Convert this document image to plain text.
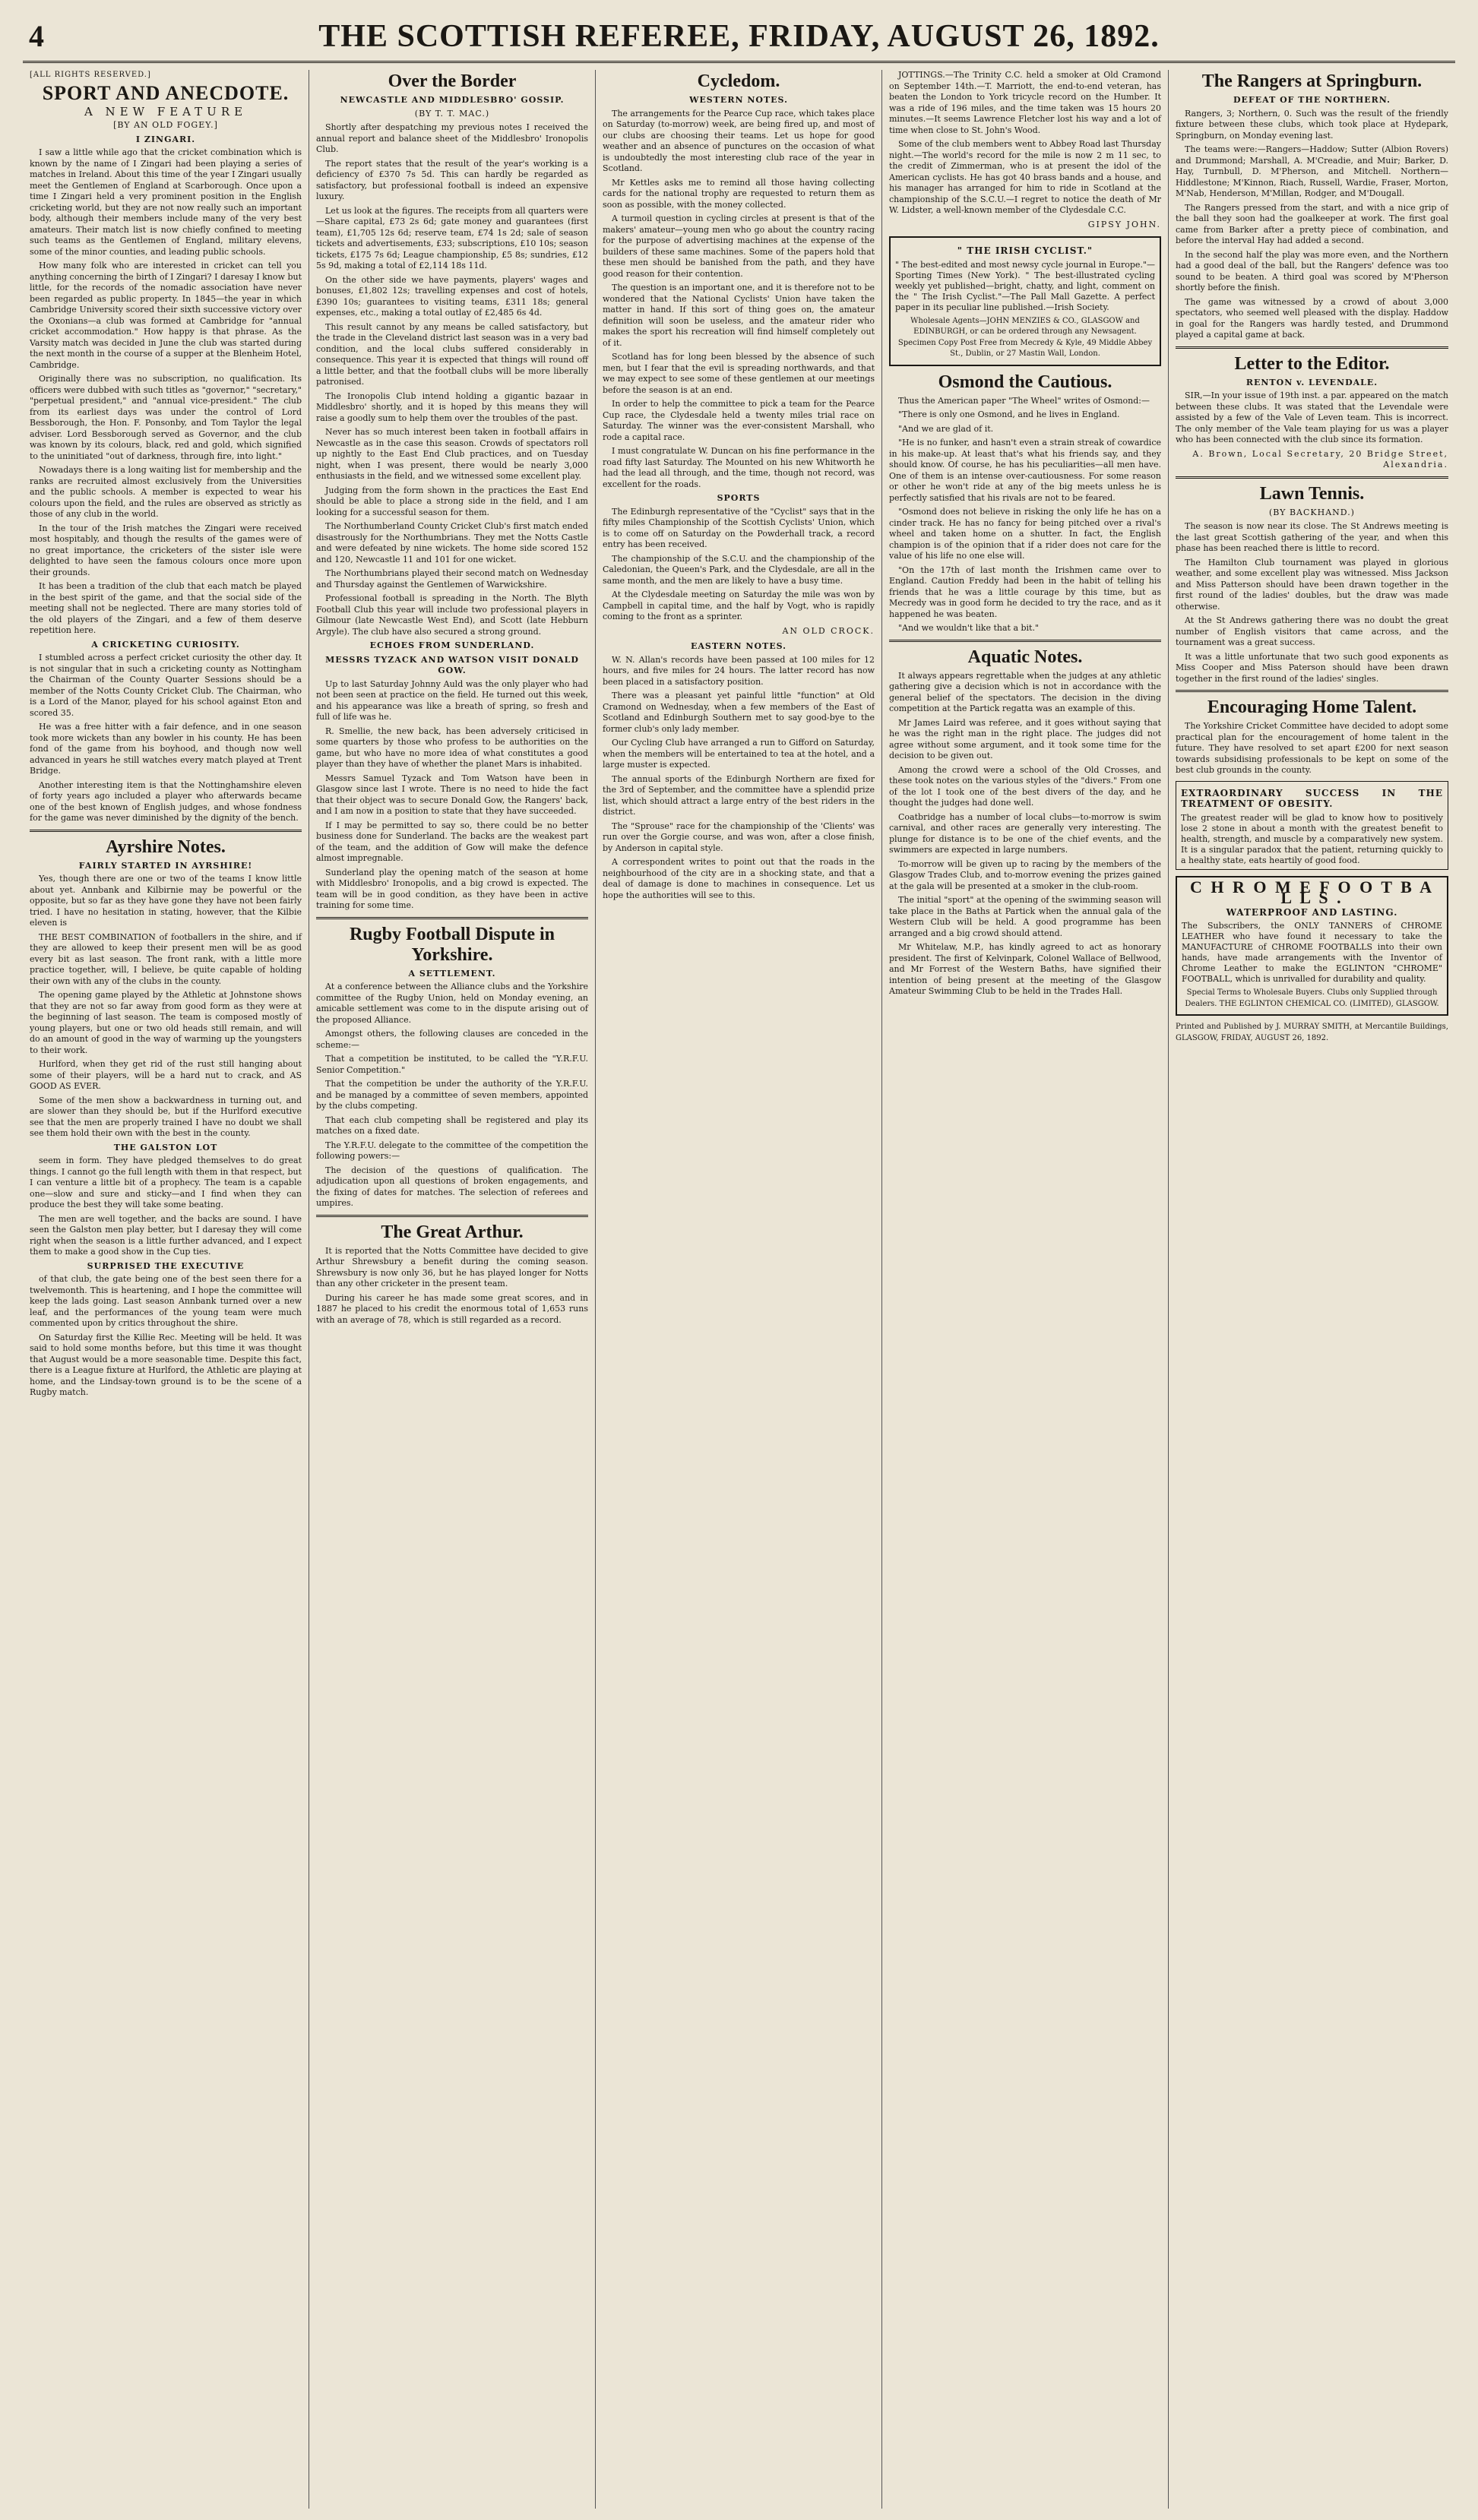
4	THE SCOTTISH REFEREE, FRIDAY, AUGUST 26, 1892.
[ALL RIGHTS RESERVED.]
SPORT AND ANECDOTE.
A NEW FEATURE
[BY AN OLD FOGEY.]
I ZINGARI.

I saw a little while ago that the cricket combination which is known by the name of I Zingari had been playing a series of matches in Ireland. About this time of the year I Zingari usually meet the Gentlemen of England at Scarborough. Once upon a time I Zingari held a very prominent position in the English cricketing world, but they are not now really such an important body, although their members include many of the very best amateurs. Their match list is now chiefly confined to meeting such teams as the Gentlemen of England, military elevens, some of the minor counties, and leading public schools.

How many folk who are interested in cricket can tell you anything concerning the birth of I Zingari? I daresay I know but little, for the records of the nomadic association have never been regarded as public property. In 1845—the year in which Cambridge University scored their sixth successive victory over the Oxonians—a club was formed at Cambridge for "annual cricket accommodation." How happy is that phrase. As the Varsity match was decided in June the club was started during the next month in the course of a supper at the Blenheim Hotel, Cambridge.

Originally there was no subscription, no qualification. Its officers were dubbed with such titles as "governor," "secretary," "perpetual president," and "annual vice-president." The club from its earliest days was under the control of Lord Bessborough, the Hon. F. Ponsonby, and Tom Taylor the legal adviser. Lord Bessborough served as Governor, and the club was known by its colours, black, red and gold, which signified to the uninitiated "out of darkness, through fire, into light."

Nowadays there is a long waiting list for membership and the ranks are recruited almost exclusively from the Universities and the public schools. A member is expected to wear his colours upon the field, and the rules are observed as strictly as those of any club in the world.

In the tour of the Irish matches the Zingari were received most hospitably, and though the results of the games were of no great importance, the cricketers of the sister isle were delighted to have seen the famous colours once more upon their grounds.

It has been a tradition of the club that each match be played in the best spirit of the game, and that the social side of the meeting shall not be neglected. There are many stories told of the old players of the Zingari, and a few of them deserve repetition here.

A CRICKETING CURIOSITY.

I stumbled across a perfect cricket curiosity the other day. It is not singular that in such a cricketing county as Nottingham the Chairman of the County Quarter Sessions should be a member of the Notts County Cricket Club. The Chairman, who is a Lord of the Manor, played for his school against Eton and scored 35.

He was a free hitter with a fair defence, and in one season took more wickets than any bowler in his county. He has been fond of the game from his boyhood, and though now well advanced in years he still watches every match played at Trent Bridge.

Another interesting item is that the Nottinghamshire eleven of forty years ago included a player who afterwards became one of the best known of English judges, and whose fondness for the game was never diminished by the dignity of the bench.

Ayrshire Notes.
FAIRLY STARTED IN AYRSHIRE!

Yes, though there are one or two of the teams I know little about yet. Annbank and Kilbirnie may be powerful or the opposite, but so far as they have gone they have not been fairly tried. I have no hesitation in stating, however, that the Kilbie eleven is

THE BEST COMBINATION of footballers in the shire, and if they are allowed to keep their present men will be as good every bit as last season. The front rank, with a little more practice together, will, I believe, be quite capable of holding their own with any of the clubs in the county.

The opening game played by the Athletic at Johnstone shows that they are not so far away from good form as they were at the beginning of last season. The team is composed mostly of young players, but one or two old heads still remain, and will do an amount of good in the way of warming up the youngsters to their work.

Hurlford, when they get rid of the rust still hanging about some of their players, will be a hard nut to crack, and AS GOOD AS EVER.

Some of the men show a backwardness in turning out, and are slower than they should be, but if the Hurlford executive see that the men are properly trained I have no doubt we shall see them hold their own with the best in the county.

THE GALSTON LOT

seem in form. They have pledged themselves to do great things. I cannot go the full length with them in that respect, but I can venture a little bit of a prophecy. The team is a capable one—slow and sure and sticky—and I find when they can produce the best they will take some beating.

The men are well together, and the backs are sound. I have seen the Galston men play better, but I daresay they will come right when the season is a little further advanced, and I expect them to make a good show in the Cup ties.

SURPRISED THE EXECUTIVE

of that club, the gate being one of the best seen there for a twelvemonth. This is heartening, and I hope the committee will keep the lads going. Last season Annbank turned over a new leaf, and the performances of the young team were much commented upon by critics throughout the shire.

On Saturday first the Killie Rec. Meeting will be held. It was said to hold some months before, but this time it was thought that August would be a more seasonable time. Despite this fact, there is a League fixture at Hurlford, the Athletic are playing at home, and the Lindsay-town ground is to be the scene of a Rugby match.

Over the Border
NEWCASTLE AND MIDDLESBRO' GOSSIP.
(BY T. T. MAC.)

Shortly after despatching my previous notes I received the annual report and balance sheet of the Middlesbro' Ironopolis Club.

The report states that the result of the year's working is a deficiency of £370 7s 5d. This can hardly be regarded as satisfactory, but professional football is indeed an expensive luxury.

Let us look at the figures. The receipts from all quarters were—Share capital, £73 2s 6d; gate money and guarantees (first team), £1,705 12s 6d; reserve team, £74 1s 2d; sale of season tickets and advertisements, £33; subscriptions, £10 10s; season tickets, £175 7s 6d; League championship, £5 8s; sundries, £12 5s 9d, making a total of £2,114 18s 11d.

On the other side we have payments, players' wages and bonuses, £1,802 12s; travelling expenses and cost of hotels, £390 10s; guarantees to visiting teams, £311 18s; general expenses, etc., making a total outlay of £2,485 6s 4d.

This result cannot by any means be called satisfactory, but the trade in the Cleveland district last season was in a very bad condition, and the local clubs suffered considerably in consequence. This year it is expected that things will round off a little better, and that the football clubs will be more liberally patronised.

The Ironopolis Club intend holding a gigantic bazaar in Middlesbro' shortly, and it is hoped by this means they will raise a goodly sum to help them over the troubles of the past.

Never has so much interest been taken in football affairs in Newcastle as in the case this season. Crowds of spectators roll up nightly to the East End Club practices, and on Tuesday night, when I was present, there would be nearly 3,000 enthusiasts in the field, and we witnessed some excellent play.

Judging from the form shown in the practices the East End should be able to place a strong side in the field, and I am looking for a successful season for them.

The Northumberland County Cricket Club's first match ended disastrously for the Northumbrians. They met the Notts Castle and were defeated by nine wickets. The home side scored 152 and 120, Newcastle 11 and 101 for one wicket.

The Northumbrians played their second match on Wednesday and Thursday against the Gentlemen of Warwickshire.

Professional football is spreading in the North. The Blyth Football Club this year will include two professional players in Gilmour (late Newcastle West End), and Scott (late Hebburn Argyle). The club have also secured a strong ground.

ECHOES FROM SUNDERLAND.
MESSRS TYZACK AND WATSON VISIT DONALD GOW.

Up to last Saturday Johnny Auld was the only player who had not been seen at practice on the field. He turned out this week, and his appearance was like a breath of spring, so fresh and full of life was he.

R. Smellie, the new back, has been adversely criticised in some quarters by those who profess to be authorities on the game, but who have no more idea of what constitutes a good player than they have of whether the planet Mars is inhabited.

Messrs Samuel Tyzack and Tom Watson have been in Glasgow since last I wrote. There is no need to hide the fact that their object was to secure Donald Gow, the Rangers' back, and I am now in a position to state that they have succeeded.

If I may be permitted to say so, there could be no better business done for Sunderland. The backs are the weakest part of the team, and the addition of Gow will make the defence almost impregnable.

Sunderland play the opening match of the season at home with Middlesbro' Ironopolis, and a big crowd is expected. The team will be in good condition, as they have been in active training for some time.

Rugby Football Dispute in Yorkshire.
A SETTLEMENT.

At a conference between the Alliance clubs and the Yorkshire committee of the Rugby Union, held on Monday evening, an amicable settlement was come to in the dispute arising out of the proposed Alliance.

Amongst others, the following clauses are conceded in the scheme:—

That a competition be instituted, to be called the "Y.R.F.U. Senior Competition."

That the competition be under the authority of the Y.R.F.U. and be managed by a committee of seven members, appointed by the clubs competing.

That each club competing shall be registered and play its matches on a fixed date.

The Y.R.F.U. delegate to the committee of the competition the following powers:—

The decision of the questions of qualification. The adjudication upon all questions of broken engagements, and the fixing of dates for matches. The selection of referees and umpires.

The Great Arthur.

It is reported that the Notts Committee have decided to give Arthur Shrewsbury a benefit during the coming season. Shrewsbury is now only 36, but he has played longer for Notts than any other cricketer in the present team.

During his career he has made some great scores, and in 1887 he placed to his credit the enormous total of 1,653 runs with an average of 78, which is still regarded as a record.

Cycledom.
WESTERN NOTES.

The arrangements for the Pearce Cup race, which takes place on Saturday (to-morrow) week, are being fired up, and most of our clubs are choosing their teams. Let us hope for good weather and an absence of punctures on the occasion of what is undoubtedly the most interesting club race of the year in Scotland.

Mr Kettles asks me to remind all those having collecting cards for the national trophy are requested to return them as soon as possible, with the money collected.

A turmoil question in cycling circles at present is that of the makers' amateur—young men who go about the country racing for the purpose of advertising machines at the expense of the builders of these same machines. Some of the papers hold that these men should be banished from the path, and they have good reason for their contention.

The question is an important one, and it is therefore not to be wondered that the National Cyclists' Union have taken the matter in hand. If this sort of thing goes on, the amateur definition will soon be useless, and the amateur rider who makes the sport his recreation will find himself completely out of it.

Scotland has for long been blessed by the absence of such men, but I fear that the evil is spreading northwards, and that we may expect to see some of these gentlemen at our meetings before the season is at an end.

In order to help the committee to pick a team for the Pearce Cup race, the Clydesdale held a twenty miles trial race on Saturday. The winner was the ever-consistent Marshall, who rode a capital race.

I must congratulate W. Duncan on his fine performance in the road fifty last Saturday. The Mounted on his new Whitworth he had the lead all through, and the time, though not record, was excellent for the roads.

SPORTS

The Edinburgh representative of the "Cyclist" says that in the fifty miles Championship of the Scottish Cyclists' Union, which is to come off on Saturday on the Powderhall track, a record entry has been received.

The championship of the S.C.U. and the championship of the Caledonian, the Queen's Park, and the Clydesdale, are all in the same month, and the men are likely to have a busy time.

At the Clydesdale meeting on Saturday the mile was won by Campbell in capital time, and the half by Vogt, who is rapidly coming to the front as a sprinter.

AN OLD CROCK.
EASTERN NOTES.

W. N. Allan's records have been passed at 100 miles for 12 hours, and five miles for 24 hours. The latter record has now been placed in a satisfactory position.

There was a pleasant yet painful little "function" at Old Cramond on Wednesday, when a few members of the East of Scotland and Edinburgh Southern met to say good-bye to the former club's only lady member.

Our Cycling Club have arranged a run to Gifford on Saturday, when the members will be entertained to tea at the hotel, and a large muster is expected.

The annual sports of the Edinburgh Northern are fixed for the 3rd of September, and the committee have a splendid prize list, which should attract a large entry of the best riders in the district.

The "Sprouse" race for the championship of the 'Clients' was run over the Gorgie course, and was won, after a close finish, by Anderson in capital style.

A correspondent writes to point out that the roads in the neighbourhood of the city are in a shocking state, and that a deal of damage is done to machines in consequence. Let us hope the authorities will see to this.

JOTTINGS.—The Trinity C.C. held a smoker at Old Cramond on September 14th.—T. Marriott, the end-to-end veteran, has beaten the London to York tricycle record on the Humber. It was a ride of 196 miles, and the time taken was 15 hours 20 minutes.—It seems Lawrence Fletcher lost his way and a lot of time when close to St. John's Wood.

Some of the club members went to Abbey Road last Thursday night.—The world's record for the mile is now 2 m 11 sec, to the credit of Zimmerman, who is at present the idol of the American cyclists. He has got 40 brass bands and a house, and his manager has arranged for him to ride in Scotland at the championship of the S.C.U.—I regret to notice the death of Mr W. Lidster, a well-known member of the Clydesdale C.C.

GIPSY JOHN.
" THE IRISH CYCLIST."
" The best-edited and most newsy cycle journal in Europe."—Sporting Times (New York). " The best-illustrated cycling weekly yet published—bright, chatty, and light, comment on the " The Irish Cyclist."—The Pall Mall Gazette. A perfect paper in its peculiar line published.—Irish Society.
Wholesale Agents—JOHN MENZIES & CO., GLASGOW and EDINBURGH, or can be ordered through any Newsagent. Specimen Copy Post Free from Mecredy & Kyle, 49 Middle Abbey St., Dublin, or 27 Mastin Wall, London.
Osmond the Cautious.

Thus the American paper "The Wheel" writes of Osmond:—

"There is only one Osmond, and he lives in England.

"And we are glad of it.

"He is no funker, and hasn't even a strain streak of cowardice in his make-up. At least that's what his friends say, and they should know. Of course, he has his peculiarities—all men have. One of them is an intense over-cautiousness. For some reason or other he won't ride at any of the big meets unless he is perfectly satisfied that his rivals are not to be feared.

"Osmond does not believe in risking the only life he has on a cinder track. He has no fancy for being pitched over a rival's wheel and taken home on a shutter. In fact, the English champion is of the opinion that if a rider does not care for the value of his life no one else will.

"On the 17th of last month the Irishmen came over to England. Caution Freddy had been in the habit of telling his friends that he was a little courage by this time, but as Mecredy was in good form he decided to try the race, and as it happened he was beaten.

"And we wouldn't like that a bit."

Aquatic Notes.

It always appears regrettable when the judges at any athletic gathering give a decision which is not in accordance with the general belief of the spectators. The decision in the diving competition at the Partick regatta was an example of this.

Mr James Laird was referee, and it goes without saying that he was the right man in the right place. The judges did not agree without some argument, and it took some time for the decision to be given out.

Among the crowd were a school of the Old Crosses, and these took notes on the various styles of the "divers." From one of the lot I took one of the best divers of the day, and he thought the judges had done well.

Coatbridge has a number of local clubs—to-morrow is swim carnival, and other races are generally very interesting. The plunge for distance is to be one of the chief events, and the swimmers are expected in large numbers.

To-morrow will be given up to racing by the members of the Glasgow Trades Club, and to-morrow evening the prizes gained at the gala will be presented at a smoker in the club-room.

The initial "sport" at the opening of the swimming season will take place in the Baths at Partick when the annual gala of the Western Club will be held. A good programme has been arranged and a big crowd should attend.

Mr Whitelaw, M.P., has kindly agreed to act as honorary president. The first of Kelvinpark, Colonel Wallace of Bellwood, and Mr Forrest of the Western Baths, have signified their intention of being present at the meeting of the Glasgow Amateur Swimming Club to be held in the Trades Hall.

The Rangers at Springburn.
DEFEAT OF THE NORTHERN.

Rangers, 3; Northern, 0. Such was the result of the friendly fixture between these clubs, which took place at Hydepark, Springburn, on Monday evening last.

The teams were:—Rangers—Haddow; Sutter (Albion Rovers) and Drummond; Marshall, A. M'Creadie, and Muir; Barker, D. Hay, Turnbull, D. M'Pherson, and Mitchell. Northern—Hiddlestone; M'Kinnon, Riach, Russell, Wardie, Fraser, Morton, M'Nab, Henderson, M'Millan, Rodger, and M'Dougall.

The Rangers pressed from the start, and with a nice grip of the ball they soon had the goalkeeper at work. The first goal came from Barker after a pretty piece of combination, and before the interval Hay had added a second.

In the second half the play was more even, and the Northern had a good deal of the ball, but the Rangers' defence was too sound to be beaten. A third goal was scored by M'Pherson shortly before the finish.

The game was witnessed by a crowd of about 3,000 spectators, who seemed well pleased with the display. Haddow in goal for the Rangers was hardly tested, and Drummond played a capital game at back.

Letter to the Editor.
RENTON v. LEVENDALE.

SIR,—In your issue of 19th inst. a par. appeared on the match between these clubs. It was stated that the Levendale were assisted by a few of the Vale of Leven team. This is incorrect. The only member of the Vale team playing for us was a player who has been connected with the club since its formation.

A. Brown, Local Secretary, 20 Bridge Street, Alexandria.
Lawn Tennis.
(BY BACKHAND.)

The season is now near its close. The St Andrews meeting is the last great Scottish gathering of the year, and when this phase has been reached there is little to record.

The Hamilton Club tournament was played in glorious weather, and some excellent play was witnessed. Miss Jackson and Miss Patterson should have been drawn together in the first round of the ladies' doubles, but the draw was made otherwise.

At the St Andrews gathering there was no doubt the great number of English visitors that came across, and the tournament was a great success.

It was a little unfortunate that two such good exponents as Miss Cooper and Miss Paterson should have been drawn together in the first round of the ladies' singles.

Encouraging Home Talent.

The Yorkshire Cricket Committee have decided to adopt some practical plan for the encouragement of home talent in the future. They have resolved to set apart £200 for next season towards subsidising professionals to be kept on some of the best club grounds in the county.

EXTRAORDINARY SUCCESS IN THE TREATMENT OF OBESITY.
The greatest reader will be glad to know how to positively lose 2 stone in about a month with the greatest benefit to health, strength, and muscle by a comparatively new system. It is a singular paradox that the patient, returning quickly to a healthy state, eats heartily of good food.
C H R O M E F O O T B A L L S .
WATERPROOF AND LASTING.
The Subscribers, the ONLY TANNERS of CHROME LEATHER who have found it necessary to take the MANUFACTURE of CHROME FOOTBALLS into their own hands, have made arrangements with the Inventor of Chrome Leather to make the EGLINTON "CHROME" FOOTBALL, which is unrivalled for durability and quality.
Special Terms to Wholesale Buyers. Clubs only Supplied through Dealers. THE EGLINTON CHEMICAL CO. (LIMITED), GLASGOW.
Printed and Published by J. MURRAY SMITH, at Mercantile Buildings, GLASGOW, FRIDAY, AUGUST 26, 1892.
